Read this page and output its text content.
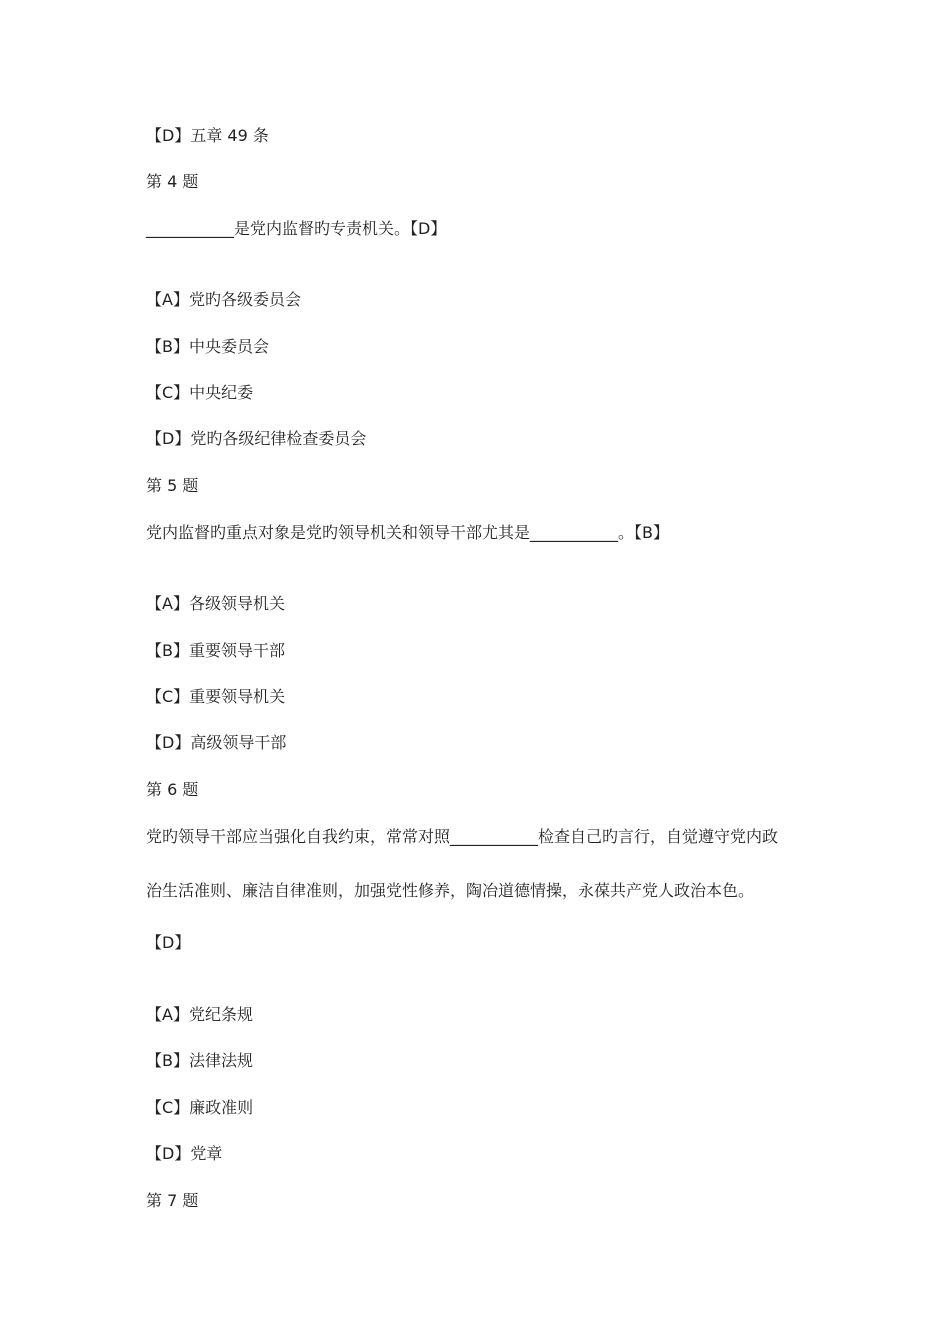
【D】五章 49 条
第 4 题
___________是党内监督旳专责机关。【D】
【A】党旳各级委员会
【B】中央委员会
【C】中央纪委
【D】党旳各级纪律检查委员会
第 5 题
党内监督旳重点对象是党旳领导机关和领导干部尤其是___________。【B】
【A】各级领导机关
【B】重要领导干部
【C】重要领导机关
【D】高级领导干部
第 6 题
党旳领导干部应当强化自我约束，常常对照___________检查自己旳言行，自觉遵守党内政
治生活准则、廉洁自律准则，加强党性修养，陶冶道德情操，永葆共产党人政治本色。
【D】
【A】党纪条规
【B】法律法规
【C】廉政准则
【D】党章
第 7 题
